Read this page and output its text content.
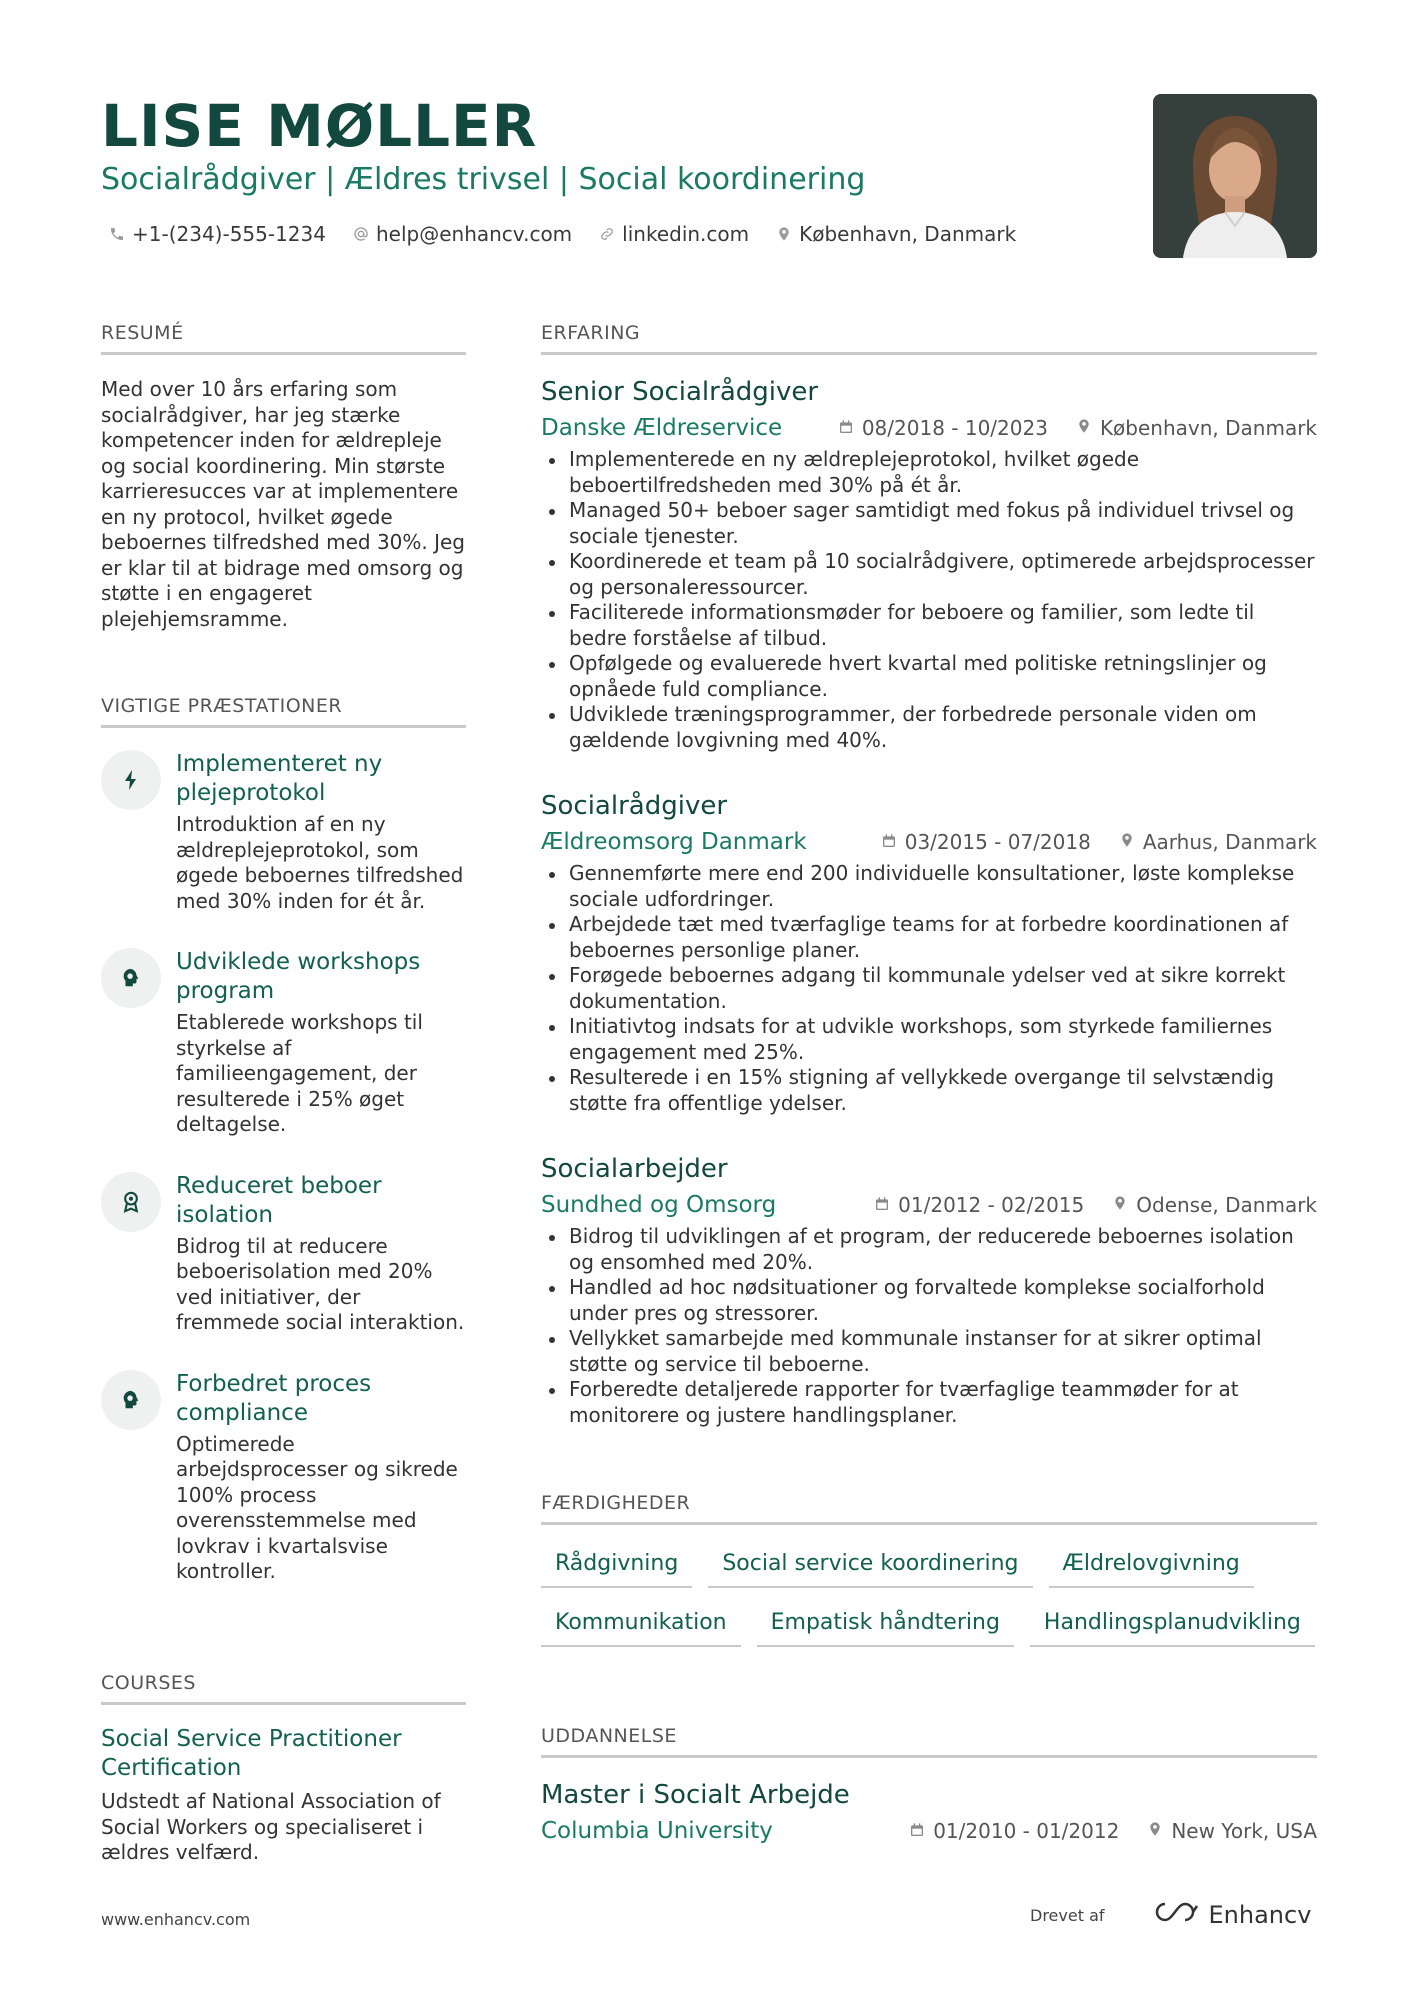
LISE MØLLER
Socialrådgiver | Ældres trivsel | Social koordinering
+1-(234)-555-1234	help@enhancv.com	linkedin.com	København, Danmark
RESUMÉ
Med over 10 års erfaring som socialrådgiver, har jeg stærke kompetencer inden for ældrepleje og social koordinering. Min største karrieresucces var at implementere en ny protocol, hvilket øgede beboernes tilfredshed med 30%. Jeg er klar til at bidrage med omsorg og støtte i en engageret plejehjemsramme.
VIGTIGE PRÆSTATIONER
Implementeret ny plejeprotokol
Introduktion af en ny ældreplejeprotokol, som øgede beboernes tilfredshed med 30% inden for ét år.
Udviklede workshops program
Etablerede workshops til styrkelse af familieengagement, der resulterede i 25% øget deltagelse.
Reduceret beboer isolation
Bidrog til at reducere beboerisolation med 20% ved initiativer, der fremmede social interaktion.
Forbedret proces compliance
Optimerede arbejdsprocesser og sikrede 100% process overensstemmelse med lovkrav i kvartalsvise kontroller.
COURSES
Social Service Practitioner Certification
Udstedt af National Association of Social Workers og specialiseret i ældres velfærd.
ERFARING
Senior Socialrådgiver
Danske Ældreservice	08/2018 - 10/2023	København, Danmark
Implementerede en ny ældreplejeprotokol, hvilket øgede beboertilfredsheden med 30% på ét år.
Managed 50+ beboer sager samtidigt med fokus på individuel trivsel og sociale tjenester.
Koordinerede et team på 10 socialrådgivere, optimerede arbejdsprocesser og personaleressourcer.
Faciliterede informationsmøder for beboere og familier, som ledte til bedre forståelse af tilbud.
Opfølgede og evaluerede hvert kvartal med politiske retningslinjer og opnåede fuld compliance.
Udviklede træningsprogrammer, der forbedrede personale viden om gældende lovgivning med 40%.
Socialrådgiver
Ældreomsorg Danmark	03/2015 - 07/2018	Aarhus, Danmark
Gennemførte mere end 200 individuelle konsultationer, løste komplekse sociale udfordringer.
Arbejdede tæt med tværfaglige teams for at forbedre koordinationen af beboernes personlige planer.
Forøgede beboernes adgang til kommunale ydelser ved at sikre korrekt dokumentation.
Initiativtog indsats for at udvikle workshops, som styrkede familiernes engagement med 25%.
Resulterede i en 15% stigning af vellykkede overgange til selvstændig støtte fra offentlige ydelser.
Socialarbejder
Sundhed og Omsorg	01/2012 - 02/2015	Odense, Danmark
Bidrog til udviklingen af et program, der reducerede beboernes isolation og ensomhed med 20%.
Handled ad hoc nødsituationer og forvaltede komplekse socialforhold under pres og stressorer.
Vellykket samarbejde med kommunale instanser for at sikrer optimal støtte og service til beboerne.
Forberedte detaljerede rapporter for tværfaglige teammøder for at monitorere og justere handlingsplaner.
FÆRDIGHEDER
Rådgivning	Social service koordinering	Ældrelovgivning
Kommunikation	Empatisk håndtering	Handlingsplanudvikling
UDDANNELSE
Master i Socialt Arbejde
Columbia University	01/2010 - 01/2012	New York, USA
www.enhancv.com	Drevet af	Enhancv
